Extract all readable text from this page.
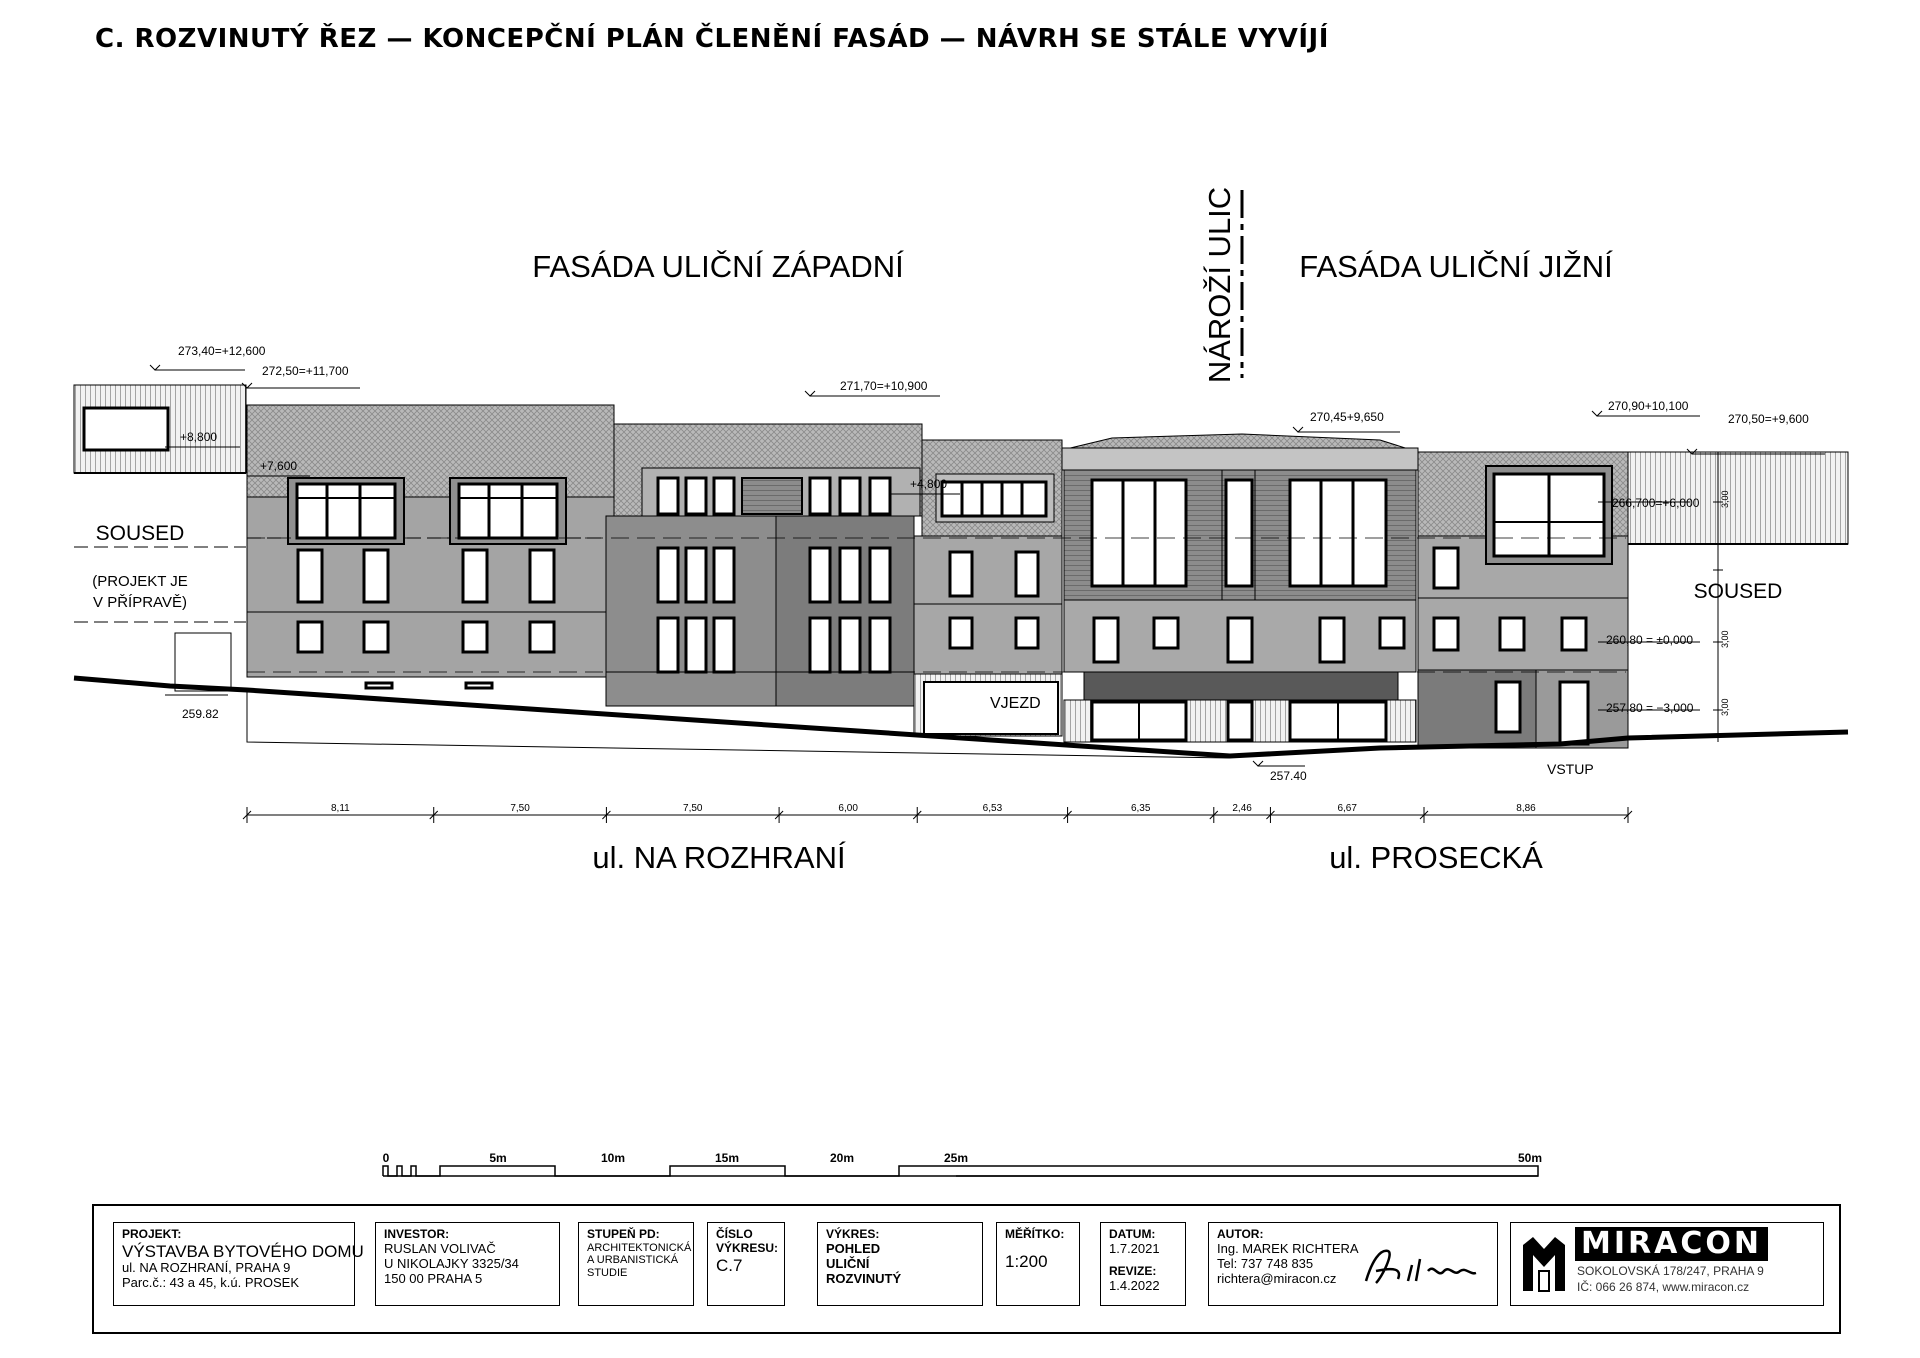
C. ROZVINUTÝ ŘEZ — KONCEPČNÍ PLÁN ČLENĚNÍ FASÁD — NÁVRH SE STÁLE VYVÍJÍ
FASÁDA ULIČNÍ ZÁPADNÍ	FASÁDA ULIČNÍ JIŽNÍ
NÁROŽÍ ULIC
SOUSED
(PROJEKT JE
V PŘÍPRAVĚ)	SOUSED
VJEZD
VSTUP
273,40=+12,600
272,50=+11,700
+8,800
+7,600
271,70=+10,900
+4,800
270,45+9,650
270,90+10,100
270,50=+9,600
266,700=+6,000
260,80 = ±0,000
257,80 = −3,000
259.82
257.40
3,00
3,00
3,00
8,11	7,50	7,50	6,00	6,53	6,35	2,46	6,67	8,86
ul. NA ROZHRANÍ	ul. PROSECKÁ
0	5m	10m	15m	20m	25m	50m
PROJEKT:
VÝSTAVBA BYTOVÉHO DOMU
ul. NA ROZHRANÍ, PRAHA 9
Parc.č.: 43 a 45, k.ú. PROSEK
INVESTOR:
RUSLAN VOLIVAČ
U NIKOLAJKY 3325/34
150 00 PRAHA 5
STUPEŇ PD:
ARCHITEKTONICKÁ
A URBANISTICKÁ
STUDIE
ČÍSLO
VÝKRESU:
C.7
VÝKRES:
POHLED
ULIČNÍ
ROZVINUTÝ
MĚŘÍTKO:
1:200
DATUM:
1.7.2021
REVIZE:
1.4.2022
AUTOR:
Ing. MAREK RICHTERA
Tel: 737 748 835
richtera@miracon.cz
MIRACON
SOKOLOVSKÁ 178/247, PRAHA 9
IČ: 066 26 874, www.miracon.cz
